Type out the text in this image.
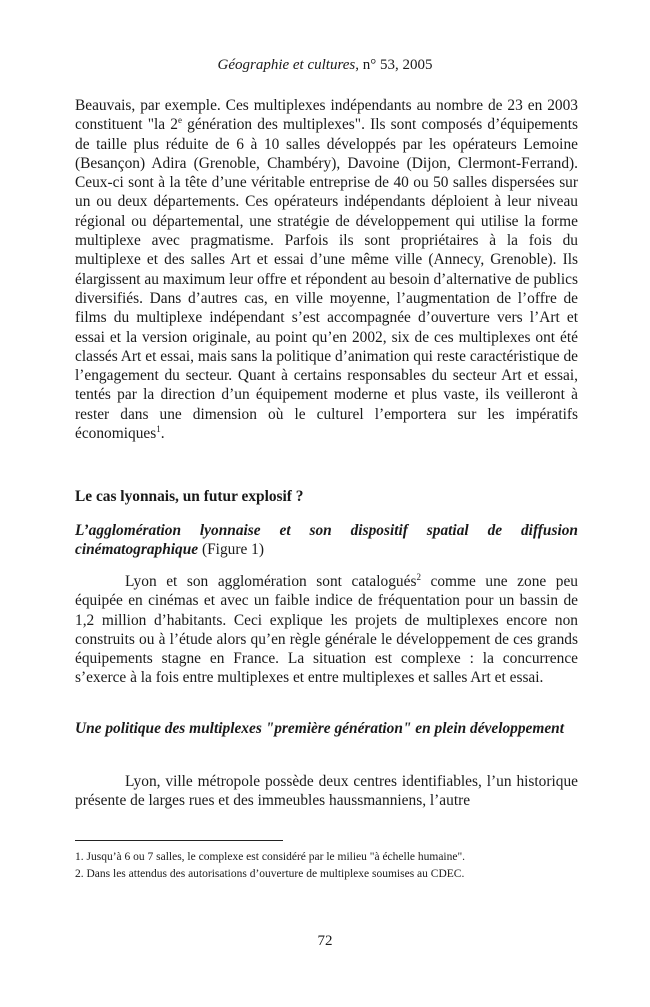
Géographie et cultures, n° 53, 2005

Beauvais, par exemple. Ces multiplexes indépendants au nombre de 23 en 2003 constituent "la 2e génération des multiplexes". Ils sont composés d’équipements de taille plus réduite de 6 à 10 salles développés par les opérateurs Lemoine (Besançon) Adira (Grenoble, Chambéry), Davoine (Dijon, Clermont-Ferrand). Ceux-ci sont à la tête d’une véritable entreprise de 40 ou 50 salles dispersées sur un ou deux départements. Ces opérateurs indépendants déploient à leur niveau régional ou départemental, une stratégie de développement qui utilise la forme multiplexe avec pragmatisme. Parfois ils sont propriétaires à la fois du multiplexe et des salles Art et essai d’une même ville (Annecy, Grenoble). Ils élargissent au maximum leur offre et répondent au besoin d’alternative de publics diversifiés. Dans d’autres cas, en ville moyenne, l’augmentation de l’offre de films du multiplexe indépendant s’est accompagnée d’ouverture vers l’Art et essai et la version originale, au point qu’en 2002, six de ces multiplexes ont été classés Art et essai, mais sans la politique d’animation qui reste caractéristique de l’engagement du secteur. Quant à certains responsables du secteur Art et essai, tentés par la direction d’un équipement moderne et plus vaste, ils veilleront à rester dans une dimension où le culturel l’emportera sur les impératifs économiques$^1$.

Le cas lyonnais, un futur explosif ?

L’agglomération lyonnaise et son dispositif spatial de diffusion cinématographique (Figure 1)

Lyon et son agglomération sont catalogués$^2$ comme une zone peu équipée en cinémas et avec un faible indice de fréquentation pour un bassin de 1,2 million d’habitants. Ceci explique les projets de multiplexes encore non construits ou à l’étude alors qu’en règle générale le développement de ces grands équipements stagne en France. La situation est complexe : la concurrence s’exerce à la fois entre multiplexes et entre multiplexes et salles Art et essai.

Une politique des multiplexes "première génération" en plein développement

Lyon, ville métropole possède deux centres identifiables, l’un historique présente de larges rues et des immeubles haussmanniens, l’autre

1. Jusqu’à 6 ou 7 salles, le complexe est considéré par le milieu "à échelle humaine".
2. Dans les attendus des autorisations d’ouverture de multiplexe soumises au CDEC.
72
